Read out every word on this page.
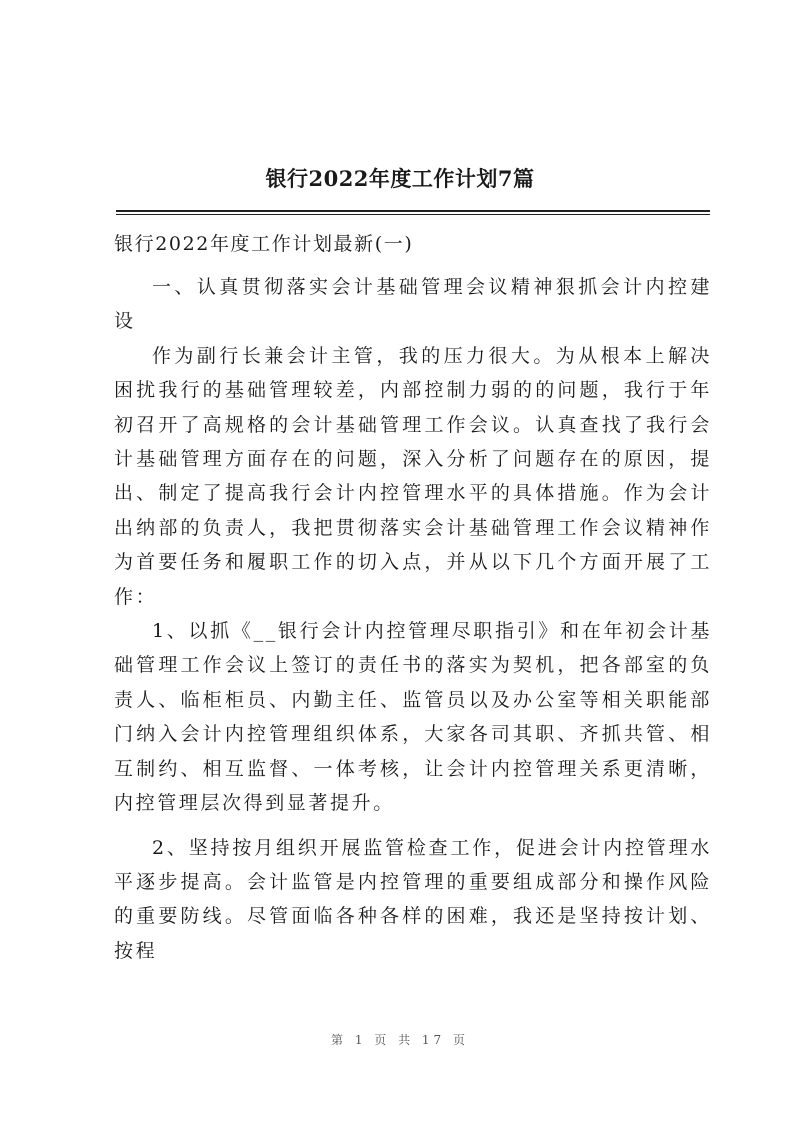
银行2022年度工作计划7篇

银行2022年度工作计划最新(一)

一、认真贯彻落实会计基础管理会议精神狠抓会计内控建设

作为副行长兼会计主管，我的压力很大。为从根本上解决困扰我行的基础管理较差，内部控制力弱的的问题，我行于年初召开了高规格的会计基础管理工作会议。认真查找了我行会计基础管理方面存在的问题，深入分析了问题存在的原因，提出、制定了提高我行会计内控管理水平的具体措施。作为会计出纳部的负责人，我把贯彻落实会计基础管理工作会议精神作为首要任务和履职工作的切入点，并从以下几个方面开展了工作：

1、以抓《__银行会计内控管理尽职指引》和在年初会计基础管理工作会议上签订的责任书的落实为契机，把各部室的负责人、临柜柜员、内勤主任、监管员以及办公室等相关职能部门纳入会计内控管理组织体系，大家各司其职、齐抓共管、相互制约、相互监督、一体考核，让会计内控管理关系更清晰，内控管理层次得到显著提升。

2、坚持按月组织开展监管检查工作，促进会计内控管理水平逐步提高。会计监管是内控管理的重要组成部分和操作风险的重要防线。尽管面临各种各样的困难，我还是坚持按计划、按程

第 1 页 共 17 页
